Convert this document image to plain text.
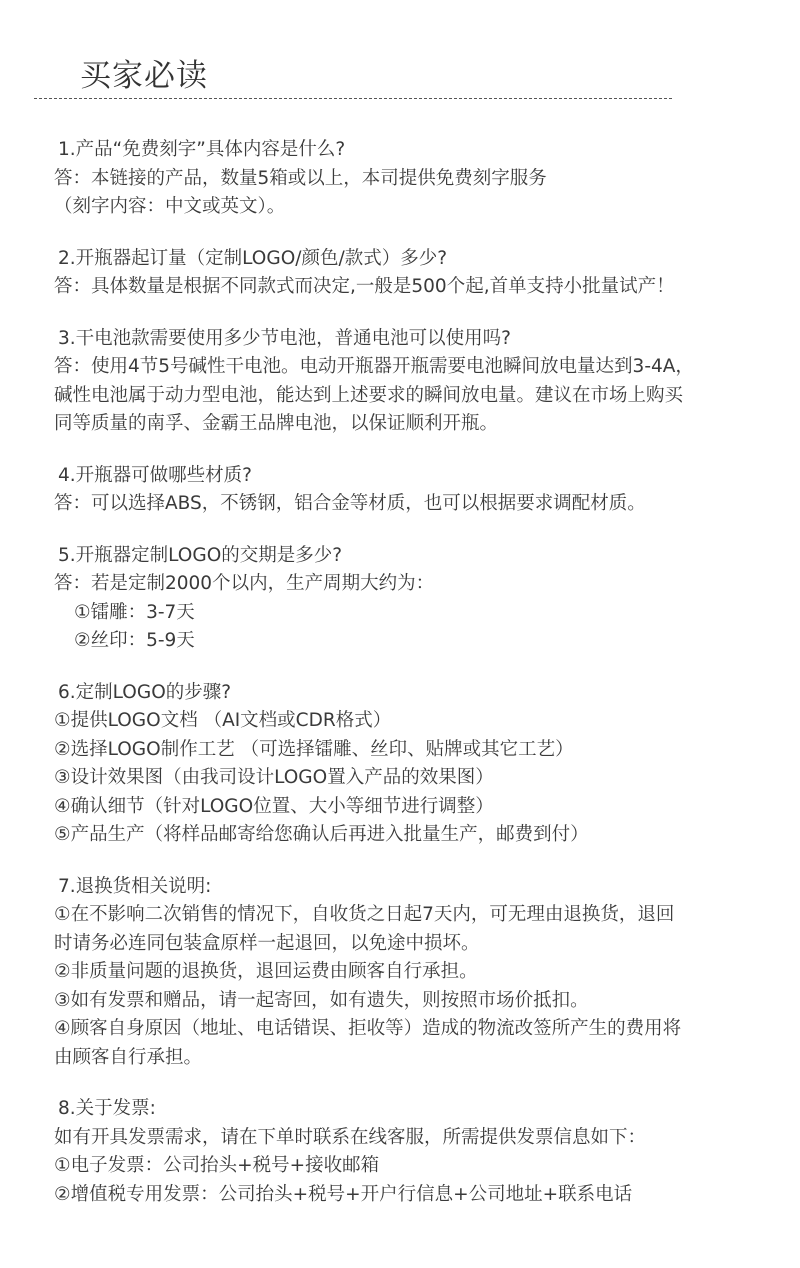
买家必读
1.产品“免费刻字”具体内容是什么?
答：本链接的产品，数量5箱或以上，本司提供免费刻字服务
（刻字内容：中文或英文）。
2.开瓶器起订量（定制LOGO/颜色/款式）多少?
答：具体数量是根据不同款式而决定,一般是500个起,首单支持小批量试产！
3.干电池款需要使用多少节电池，普通电池可以使用吗?
答：使用4节5号碱性干电池。电动开瓶器开瓶需要电池瞬间放电量达到3-4A，
碱性电池属于动力型电池，能达到上述要求的瞬间放电量。建议在市场上购买
同等质量的南孚、金霸王品牌电池，以保证顺利开瓶。
4.开瓶器可做哪些材质?
答：可以选择ABS，不锈钢，铝合金等材质，也可以根据要求调配材质。
5.开瓶器定制LOGO的交期是多少?
答：若是定制2000个以内，生产周期大约为：
①镭雕：3-7天
②丝印：5-9天
6.定制LOGO的步骤?
①提供LOGO文档 （AI文档或CDR格式）
②选择LOGO制作工艺 （可选择镭雕、丝印、贴牌或其它工艺）
③设计效果图（由我司设计LOGO置入产品的效果图）
④确认细节（针对LOGO位置、大小等细节进行调整）
⑤产品生产（将样品邮寄给您确认后再进入批量生产，邮费到付）
7.退换货相关说明:
①在不影响二次销售的情况下，自收货之日起7天内，可无理由退换货，退回
时请务必连同包装盒原样一起退回，以免途中损坏。
②非质量问题的退换货，退回运费由顾客自行承担。
③如有发票和赠品，请一起寄回，如有遗失，则按照市场价抵扣。
④顾客自身原因（地址、电话错误、拒收等）造成的物流改签所产生的费用将
由顾客自行承担。
8.关于发票:
如有开具发票需求，请在下单时联系在线客服，所需提供发票信息如下：
①电子发票：公司抬头+税号+接收邮箱
②增值税专用发票：公司抬头+税号+开户行信息+公司地址+联系电话
